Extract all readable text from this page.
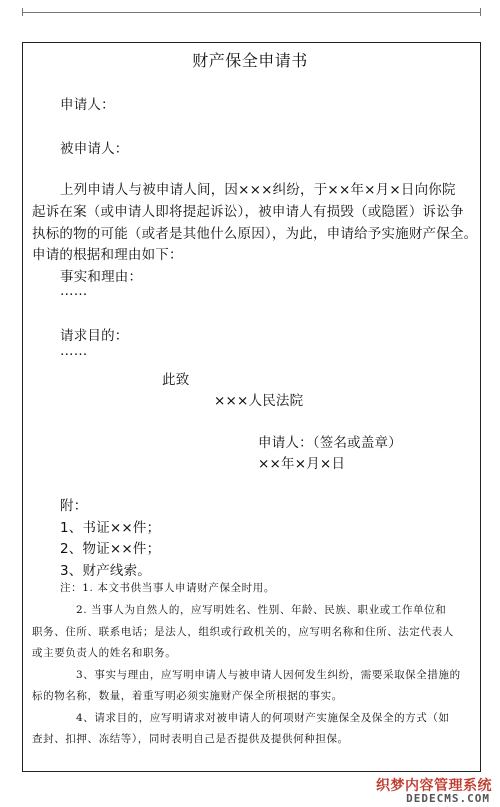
财产保全申请书
申请人：
被申请人：
上列申请人与被申请人间，因×××纠纷，于××年×月×日向你院
起诉在案（或申请人即将提起诉讼），被申请人有损毁（或隐匿）诉讼争
执标的物的可能（或者是其他什么原因），为此，申请给予实施财产保全。
申请的根据和理由如下：
事实和理由：
……
请求目的：
……
此致
×××人民法院
申请人：（签名或盖章）
××年×月×日
附：
1、书证××件；
2、物证××件；
3、财产线索。
注：1. 本文书供当事人申请财产保全时用。
2. 当事人为自然人的，应写明姓名、性别、年龄、民族、职业或工作单位和
职务、住所、联系电话；是法人，组织或行政机关的，应写明名称和住所、法定代表人
或主要负责人的姓名和职务。
3、事实与理由，应写明申请人与被申请人因何发生纠纷，需要采取保全措施的
标的物名称，数量，着重写明必须实施财产保全所根据的事实。
4、请求目的，应写明请求对被申请人的何项财产实施保全及保全的方式（如
查封、扣押、冻结等），同时表明自己是否提供及提供何种担保。
织梦内容管理系统
DEDECMS.COM
